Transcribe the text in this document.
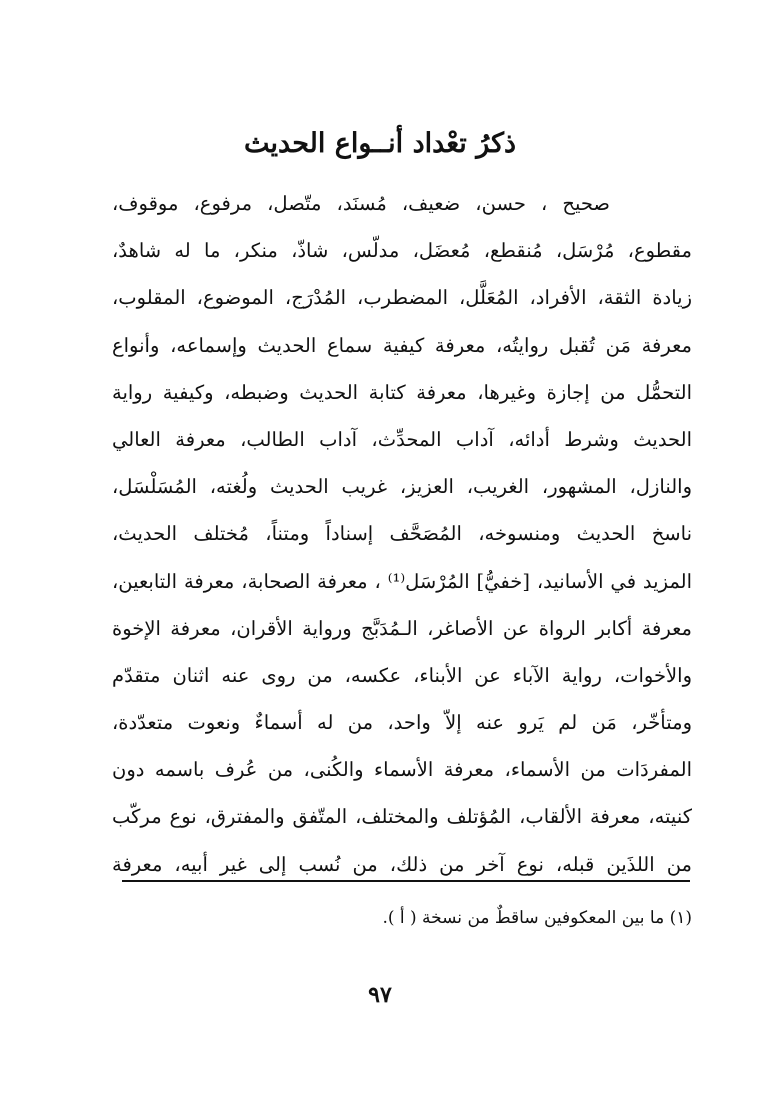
ذكرُ تعْداد أنــواع الحديث
صحيح ، حسن، ضعيف، مُسنَد، متّصل، مرفوع، موقوف،
مقطوع، مُرْسَل، مُنقطع، مُعضَل، مدلّس، شاذّ، منكر، ما له شاهدٌ،
زيادة الثقة، الأفراد، المُعَلَّل، المضطرب، المُدْرَج، الموضوع، المقلوب،
معرفة مَن تُقبل روايتُه، معرفة كيفية سماع الحديث وإسماعه، وأنواع
التحمُّل من إجازة وغيرها، معرفة كتابة الحديث وضبطه، وكيفية رواية
الحديث وشرط أدائه، آداب المحدِّث، آداب الطالب، معرفة العالي
والنازل، المشهور، الغريب، العزيز، غريب الحديث ولُغته، المُسَلْسَل،
ناسخ الحديث ومنسوخه، المُصَحَّف إسناداً ومتناً، مُختلف الحديث،
المزيد في الأسانيد، [خفيُّ] المُرْسَل⁽¹⁾ ، معرفة الصحابة، معرفة التابعين،
معرفة أكابر الرواة عن الأصاغر، الـمُدَبَّج ورواية الأقران، معرفة الإخوة
والأخوات، رواية الآباء عن الأبناء، عكسه، من روى عنه اثنان متقدّم
ومتأخّر، مَن لم يَرو عنه إلاّ واحد، من له أسماءٌ ونعوت متعدّدة،
المفردَات من الأسماء، معرفة الأسماء والكُنى، من عُرف باسمه دون
كنيته، معرفة الألقاب، المُؤتلف والمختلف، المتّفق والمفترق، نوع مركّب
من اللذَين قبله، نوع آخر من ذلك، من نُسب إلى غير أبيه، معرفة
(١) ما بين المعكوفين ساقطٌ من نسخة ( أ ).
٩٧
